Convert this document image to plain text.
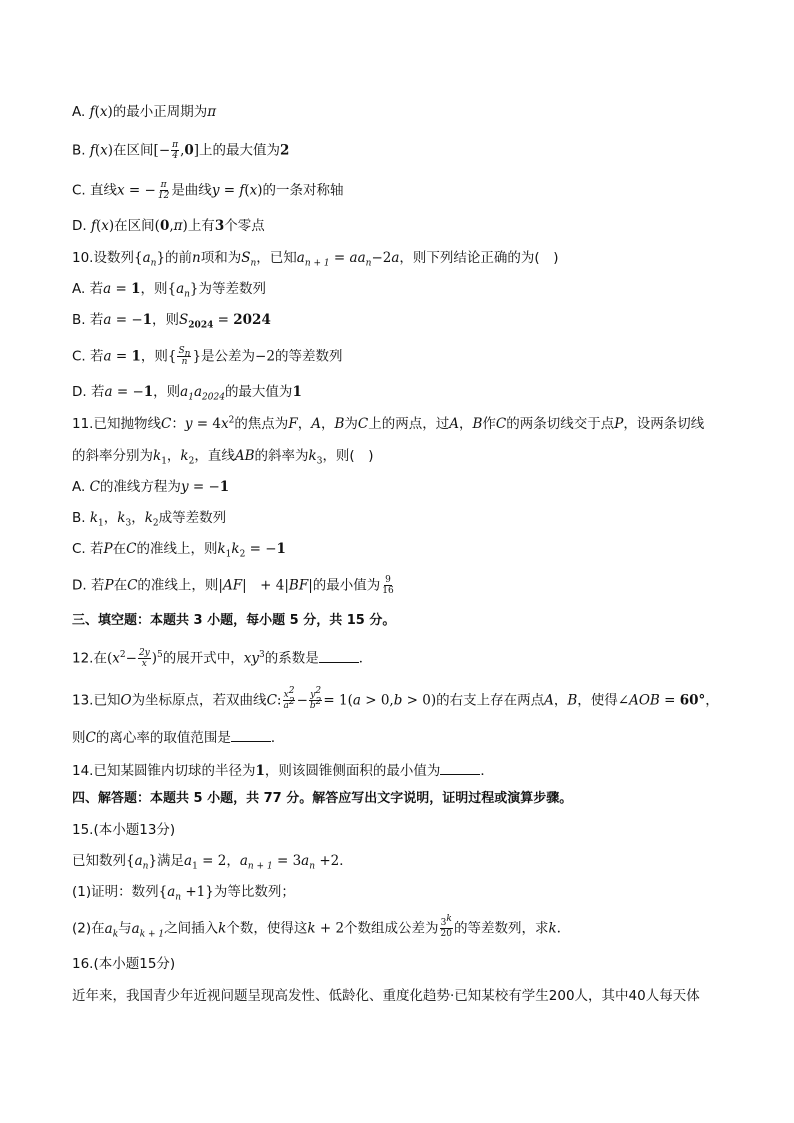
A. f(x)的最小正周期为π
B. f(x)在区间[− $\frac{\pi}{4} ,0$]上的最大值为2
C. 直线x = − $\frac{\pi}{12}$ 是曲线y = f(x)的一条对称轴
D. f(x)在区间(0,π)上有3个零点
10.设数列$\{a_n\}$的前n项和为$S_n$，已知$a_{n + 1} = aa_n-2a$，则下列结论正确的为(　)
A. 若a = 1，则$\{a_n\}$为等差数列
B. 若a = −1，则$S_{2024} = 2024$
C. 若a = 1，则{ $\frac{S_n}{n}$ }是公差为−2的等差数列
D. 若a = −1，则$a_1a_{2024}$的最大值为1
11.已知抛物线C：$y = 4x^2$的焦点为F，A，B为C上的两点，过A，B作C的两条切线交于点P，设两条切线
的斜率分别为$k_1$，$k_2$，直线AB的斜率为$k_3$，则(　)
A. C的准线方程为y = −1
B. $k_1$，$k_3$，$k_2$成等差数列
C. 若P在C的准线上，则$k_1k_2 = -1$
D. 若P在C的准线上，则|AF|　+ 4|BF|的最小值为 $\frac{9}{16}$
三、填空题：本题共 3 小题，每小题 5 分，共 15 分。
12.在$(x^2- \frac{2y}{x} )^5$的展开式中，$xy^3$的系数是	．
13.已知O为坐标原点，若双曲线C: $\frac{x^2}{a^2} - \frac{y^2}{b^2} = 1(a > 0,b > 0)$的右支上存在两点A，B，使得∠AOB = 60°，
则C的离心率的取值范围是	．
14.已知某圆锥内切球的半径为1，则该圆锥侧面积的最小值为	．
四、解答题：本题共 5 小题，共 77 分。解答应写出文字说明，证明过程或演算步骤。
15.(本小题13分)
已知数列$\{a_n\}$满足$a_1 = 2$，$a_{n + 1} = 3a_n +2$．
(1)证明：数列$\{a_n +1\}$为等比数列；
(2)在$a_k$与$a_{k + 1}$之间插入k个数，使得这k + 2个数组成公差为 $\frac{3^k}{20}$ 的等差数列，求k.
16.(本小题15分)
近年来，我国青少年近视问题呈现高发性、低龄化、重度化趋势·已知某校有学生200人，其中40人每天体
